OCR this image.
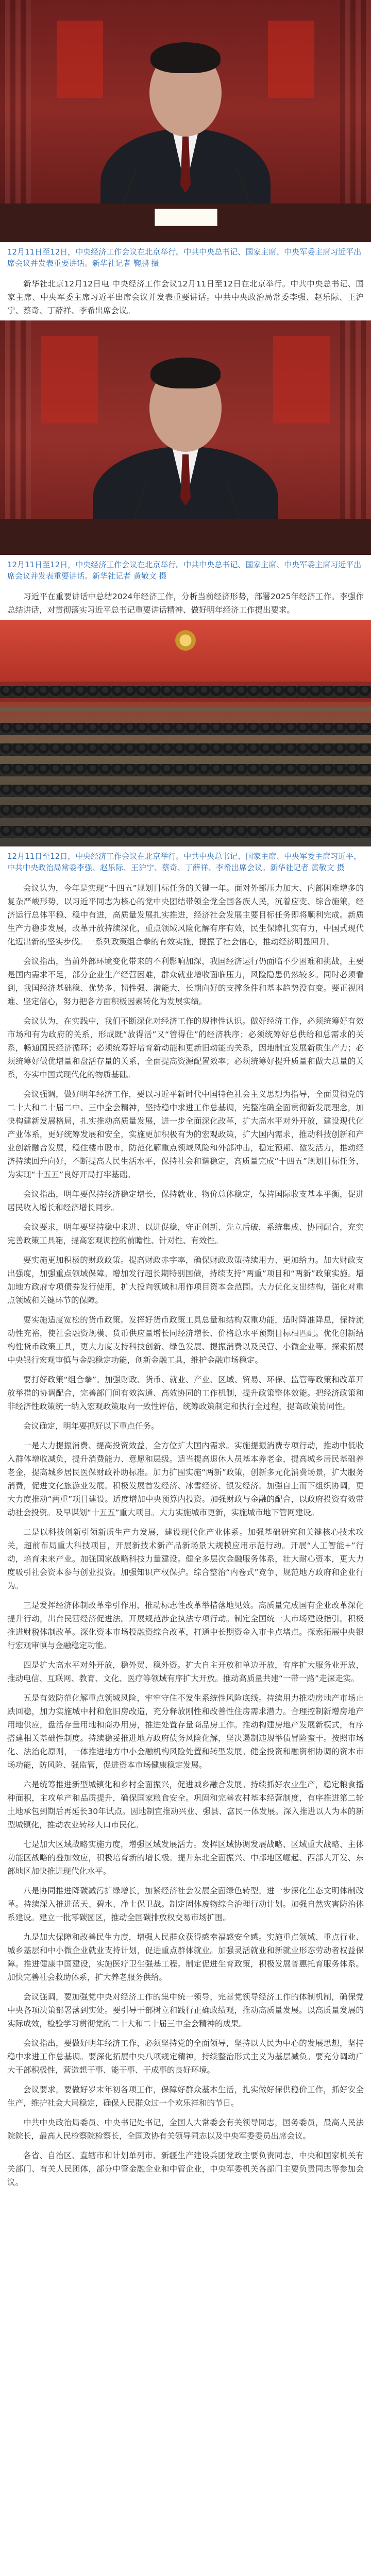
12月11日至12日，中央经济工作会议在北京举行。中共中央总书记、国家主席、中央军委主席习近平出席会议并发表重要讲话。新华社记者 鞠鹏 摄
新华社北京12月12日电 中央经济工作会议12月11日至12日在北京举行。中共中央总书记、国家主席、中央军委主席习近平出席会议并发表重要讲话。中共中央政治局常委李强、赵乐际、王沪宁、蔡奇、丁薛祥、李希出席会议。
12月11日至12日，中央经济工作会议在北京举行。中共中央总书记、国家主席、中央军委主席习近平出席会议并发表重要讲话。新华社记者 黄敬文 摄
习近平在重要讲话中总结2024年经济工作，分析当前经济形势，部署2025年经济工作。李强作总结讲话，对贯彻落实习近平总书记重要讲话精神、做好明年经济工作提出要求。
12月11日至12日，中央经济工作会议在北京举行。中共中央总书记、国家主席、中央军委主席习近平，中共中央政治局常委李强、赵乐际、王沪宁、蔡奇、丁薛祥、李希出席会议。新华社记者 黄敬文 摄
会议认为，今年是实现“十四五”规划目标任务的关键一年。面对外部压力加大、内部困难增多的复杂严峻形势，以习近平同志为核心的党中央团结带领全党全国各族人民，沉着应变、综合施策，经济运行总体平稳、稳中有进，高质量发展扎实推进，经济社会发展主要目标任务即将顺利完成。新质生产力稳步发展，改革开放持续深化，重点领域风险化解有序有效，民生保障扎实有力，中国式现代化迈出新的坚实步伐。一系列政策组合拳的有效实施，提振了社会信心，推动经济明显回升。
会议指出，当前外部环境变化带来的不利影响加深，我国经济运行仍面临不少困难和挑战，主要是国内需求不足，部分企业生产经营困难，群众就业增收面临压力，风险隐患仍然较多。同时必须看到，我国经济基础稳、优势多、韧性强、潜能大，长期向好的支撑条件和基本趋势没有变。要正视困难、坚定信心，努力把各方面积极因素转化为发展实绩。
会议认为，在实践中，我们不断深化对经济工作的规律性认识。做好经济工作，必须统筹好有效市场和有为政府的关系，形成既“放得活”又“管得住”的经济秩序；必须统筹好总供给和总需求的关系，畅通国民经济循环；必须统筹好培育新动能和更新旧动能的关系，因地制宜发展新质生产力；必须统筹好做优增量和盘活存量的关系，全面提高资源配置效率；必须统筹好提升质量和做大总量的关系，夯实中国式现代化的物质基础。
会议强调，做好明年经济工作，要以习近平新时代中国特色社会主义思想为指导，全面贯彻党的二十大和二十届二中、三中全会精神，坚持稳中求进工作总基调，完整准确全面贯彻新发展理念，加快构建新发展格局，扎实推动高质量发展，进一步全面深化改革，扩大高水平对外开放，建设现代化产业体系，更好统筹发展和安全，实施更加积极有为的宏观政策，扩大国内需求，推动科技创新和产业创新融合发展，稳住楼市股市，防范化解重点领域风险和外部冲击，稳定预期、激发活力，推动经济持续回升向好，不断提高人民生活水平，保持社会和谐稳定，高质量完成“十四五”规划目标任务，为实现“十五五”良好开局打牢基础。
会议指出，明年要保持经济稳定增长，保持就业、物价总体稳定，保持国际收支基本平衡，促进居民收入增长和经济增长同步。
会议要求，明年要坚持稳中求进、以进促稳，守正创新、先立后破，系统集成、协同配合，充实完善政策工具箱，提高宏观调控的前瞻性、针对性、有效性。
要实施更加积极的财政政策。提高财政赤字率，确保财政政策持续用力、更加给力。加大财政支出强度，加强重点领域保障。增加发行超长期特别国债，持续支持“两重”项目和“两新”政策实施。增加地方政府专项债券发行使用，扩大投向领域和用作项目资本金范围。大力优化支出结构，强化对重点领域和关键环节的保障。
要实施适度宽松的货币政策。发挥好货币政策工具总量和结构双重功能，适时降准降息，保持流动性充裕，使社会融资规模、货币供应量增长同经济增长、价格总水平预期目标相匹配。优化创新结构性货币政策工具，更大力度支持科技创新、绿色发展、提振消费以及民营、小微企业等。探索拓展中央银行宏观审慎与金融稳定功能，创新金融工具，维护金融市场稳定。
要打好政策“组合拳”。加强财政、货币、就业、产业、区域、贸易、环保、监管等政策和改革开放举措的协调配合，完善部门间有效沟通、高效协同的工作机制，提升政策整体效能。把经济政策和非经济性政策统一纳入宏观政策取向一致性评估，统筹政策制定和执行全过程，提高政策协同性。
会议确定，明年要抓好以下重点任务。
一是大力提振消费、提高投资效益，全方位扩大国内需求。实施提振消费专项行动，推动中低收入群体增收减负，提升消费能力、意愿和层级。适当提高退休人员基本养老金，提高城乡居民基础养老金，提高城乡居民医保财政补助标准。加力扩围实施“两新”政策，创新多元化消费场景，扩大服务消费，促进文化旅游业发展。积极发展首发经济、冰雪经济、银发经济。加强自上而下组织协调，更大力度推动“两重”项目建设。适度增加中央预算内投资。加强财政与金融的配合，以政府投资有效带动社会投资。及早谋划“十五五”重大项目。大力实施城市更新，实施城市地下管网建设。
二是以科技创新引领新质生产力发展，建设现代化产业体系。加强基础研究和关键核心技术攻关，超前布局重大科技项目，开展新技术新产品新场景大规模应用示范行动。开展“人工智能+”行动，培育未来产业。加强国家战略科技力量建设。健全多层次金融服务体系，壮大耐心资本，更大力度吸引社会资本参与创业投资。加强知识产权保护。综合整治“内卷式”竞争，规范地方政府和企业行为。
三是发挥经济体制改革牵引作用，推动标志性改革举措落地见效。高质量完成国有企业改革深化提升行动，出台民营经济促进法。开展规范涉企执法专项行动。制定全国统一大市场建设指引。积极推进财税体制改革。深化资本市场投融资综合改革，打通中长期资金入市卡点堵点。探索拓展中央银行宏观审慎与金融稳定功能。
四是扩大高水平对外开放，稳外贸、稳外资。扩大自主开放和单边开放，有序扩大服务业开放，推动电信、互联网、教育、文化、医疗等领域有序扩大开放。推动高质量共建“一带一路”走深走实。
五是有效防范化解重点领域风险，牢牢守住不发生系统性风险底线。持续用力推动房地产市场止跌回稳，加力实施城中村和危旧房改造，充分释放刚性和改善性住房需求潜力。合理控制新增房地产用地供应，盘活存量用地和商办用房，推进处置存量商品房工作。推动构建房地产发展新模式，有序搭建相关基础性制度。持续稳妥推进地方政府债务风险化解，坚决遏制违规举债冒险蛮干。按照市场化、法治化原则，一体推进地方中小金融机构风险处置和转型发展。健全投资和融资相协调的资本市场功能，防风险、强监管，促进资本市场健康稳定发展。
六是统筹推进新型城镇化和乡村全面振兴，促进城乡融合发展。持续抓好农业生产，稳定粮食播种面积，主攻单产和品质提升，确保国家粮食安全。巩固和完善农村基本经营制度，有序推进第二轮土地承包到期后再延长30年试点。因地制宜推动兴业、强县、富民一体发展。深入推进以人为本的新型城镇化，推动农业转移人口市民化。
七是加大区域战略实施力度，增强区域发展活力。发挥区域协调发展战略、区域重大战略、主体功能区战略的叠加效应，积极培育新的增长极。提升东北全面振兴、中部地区崛起、西部大开发、东部地区加快推进现代化水平。
八是协同推进降碳减污扩绿增长，加紧经济社会发展全面绿色转型。进一步深化生态文明体制改革。持续深入推进蓝天、碧水、净土保卫战。制定固体废物综合治理行动计划。加强自然灾害防治体系建设。建立一批零碳园区，推动全国碳排放权交易市场扩围。
九是加大保障和改善民生力度，增强人民群众获得感幸福感安全感。实施重点领域、重点行业、城乡基层和中小微企业就业支持计划，促进重点群体就业。加强灵活就业和新就业形态劳动者权益保障。推进健康中国建设，实施医疗卫生强基工程。制定促进生育政策，积极发展普惠托育服务体系。加快完善社会救助体系，扩大养老服务供给。
会议强调，要加强党中央对经济工作的集中统一领导，完善党领导经济工作的体制机制，确保党中央各项决策部署落到实处。要引导干部树立和践行正确政绩观，推动高质量发展。以高质量发展的实际成效，检验学习贯彻党的二十大和二十届三中全会精神的成果。
会议指出，要做好明年经济工作，必须坚持党的全面领导，坚持以人民为中心的发展思想，坚持稳中求进工作总基调。要深化拓展中央八项规定精神，持续整治形式主义为基层减负。要充分调动广大干部积极性，营造想干事、能干事、干成事的良好环境。
会议要求，要做好岁末年初各项工作，保障好群众基本生活，扎实做好保供稳价工作，抓好安全生产，维护社会大局稳定，确保人民群众过一个欢乐祥和的节日。
中共中央政治局委员、中央书记处书记，全国人大常委会有关领导同志，国务委员，最高人民法院院长，最高人民检察院检察长，全国政协有关领导同志以及中央军委委员出席会议。
各省、自治区、直辖市和计划单列市、新疆生产建设兵团党政主要负责同志，中央和国家机关有关部门、有关人民团体，部分中管金融企业和中管企业，中央军委机关各部门主要负责同志等参加会议。
